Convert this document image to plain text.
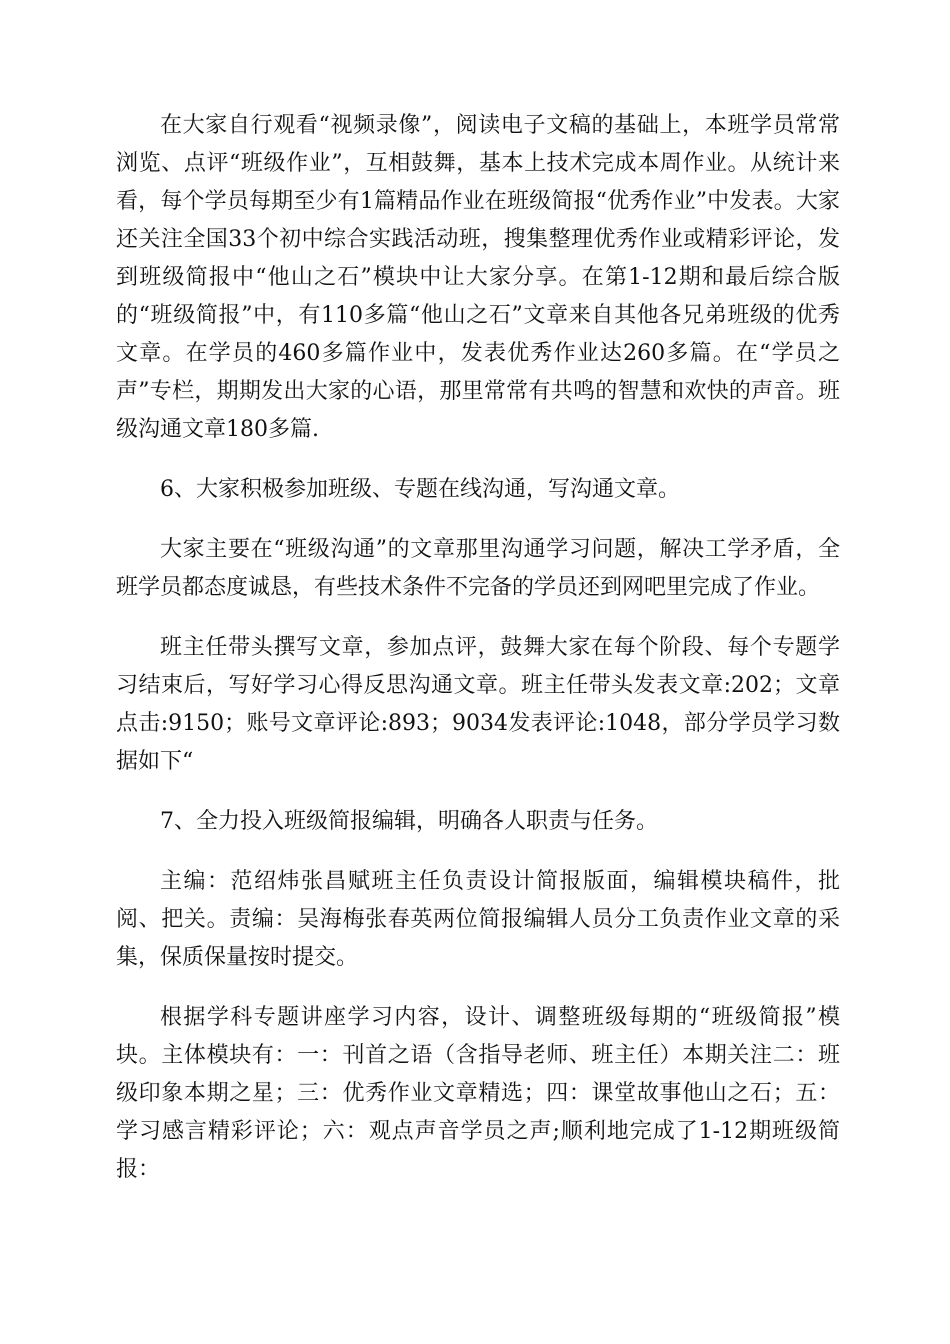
在大家自行观看“视频录像”，阅读电子文稿的基础上，本班学员常常浏览、点评“班级作业”，互相鼓舞，基本上技术完成本周作业。从统计来看，每个学员每期至少有1篇精品作业在班级简报“优秀作业”中发表。大家还关注全国33个初中综合实践活动班，搜集整理优秀作业或精彩评论，发到班级简报中“他山之石”模块中让大家分享。在第1-12期和最后综合版的“班级简报”中，有110多篇“他山之石”文章来自其他各兄弟班级的优秀文章。在学员的460多篇作业中，发表优秀作业达260多篇。在“学员之声”专栏，期期发出大家的心语，那里常常有共鸣的智慧和欢快的声音。班级沟通文章180多篇.

6、大家积极参加班级、专题在线沟通，写沟通文章。

大家主要在“班级沟通”的文章那里沟通学习问题，解决工学矛盾，全班学员都态度诚恳，有些技术条件不完备的学员还到网吧里完成了作业。

班主任带头撰写文章，参加点评，鼓舞大家在每个阶段、每个专题学习结束后，写好学习心得反思沟通文章。班主任带头发表文章:202；文章点击:9150；账号文章评论:893；9034发表评论:1048，部分学员学习数据如下“

7、全力投入班级简报编辑，明确各人职责与任务。

主编：范绍炜张昌赋班主任负责设计简报版面，编辑模块稿件，批阅、把关。责编：吴海梅张春英两位简报编辑人员分工负责作业文章的采集，保质保量按时提交。

根据学科专题讲座学习内容，设计、调整班级每期的“班级简报”模块。主体模块有：一：刊首之语（含指导老师、班主任）本期关注二：班级印象本期之星；三：优秀作业文章精选；四：课堂故事他山之石；五：学习感言精彩评论；六：观点声音学员之声;顺利地完成了1-12期班级简报：
